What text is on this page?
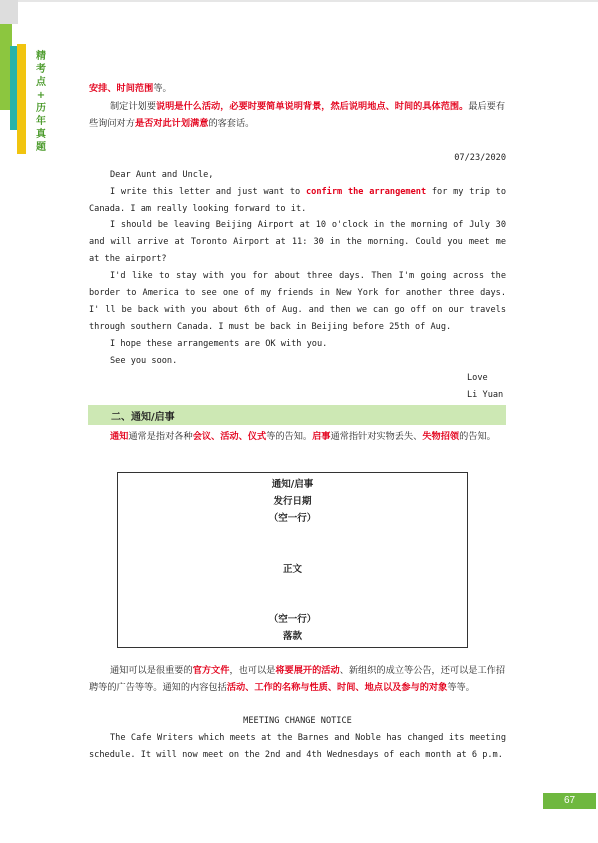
精
考
点
+
历
年
真
题
安排、时间范围等。
制定计划要说明是什么活动，必要时要简单说明背景，然后说明地点、时间的具体范围。最后要有些询问对方是否对此计划满意的客套话。
07/23/2020
Dear Aunt and Uncle,
I write this letter and just want to confirm the arrangement for my trip to Canada. I am really looking forward to it.
I should be leaving Beijing Airport at 10 o'clock in the morning of July 30 and will arrive at Toronto Airport at 11: 30 in the morning. Could you meet me at the airport?
I'd like to stay with you for about three days. Then I'm going across the border to America to see one of my friends in New York for another three days. I' ll be back with you about 6th of Aug. and then we can go off on our travels through southern Canada. I must be back in Beijing before 25th of Aug.
I hope these arrangements are OK with you.
See you soon.
Love
Li Yuan
二、通知/启事
通知通常是指对各种会议、活动、仪式等的告知。启事通常指针对实物丢失、失物招领的告知。
通知/启事
发行日期
（空一行）
正文
（空一行）
落款
通知可以是很重要的官方文件，也可以是将要展开的活动、新组织的成立等公告，还可以是工作招聘等的广告等等。通知的内容包括活动、工作的名称与性质、时间、地点以及参与的对象等等。
MEETING CHANGE NOTICE
The Cafe Writers which meets at the Barnes and Noble has changed its meeting schedule. It will now meet on the 2nd and 4th Wednesdays of each month at 6 p.m.
67
